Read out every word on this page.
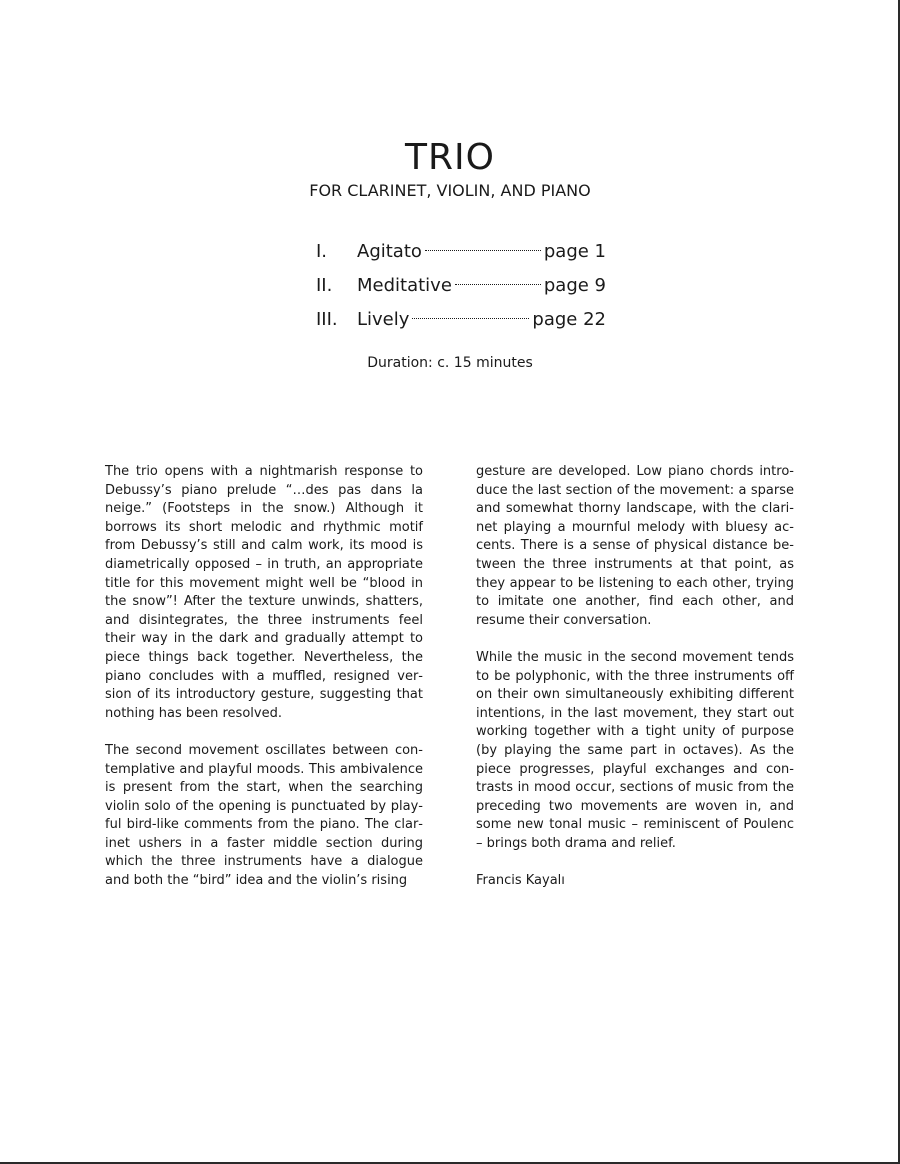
TRIO
FOR CLARINET, VIOLIN, AND PIANO
I.	Agitato	page 1
II.	Meditative	page 9
III.	Lively	page 22
Duration: c. 15 minutes

The trio opens with a nightmarish response to Debussy’s piano prelude “…des pas dans la neige.” (Footsteps in the snow.) Although it borrows its short melodic and rhythmic motif from Debussy’s still and calm work, its mood is diametrically opposed – in truth, an appropriate title for this movement might well be “blood in the snow”! After the texture unwinds, shatters, and disintegrates, the three instruments feel their way in the dark and gradually attempt to piece things back together. Nevertheless, the piano concludes with a muffled, resigned version of its introductory gesture, suggesting that nothing has been resolved.

The second movement oscillates between contemplative and playful moods. This ambivalence is present from the start, when the searching violin solo of the opening is punctuated by playful bird-like comments from the piano. The clarinet ushers in a faster middle section during which the three instruments have a dialogue and both the “bird” idea and the violin’s rising

gesture are developed. Low piano chords introduce the last section of the movement: a sparse and somewhat thorny landscape, with the clarinet playing a mournful melody with bluesy accents. There is a sense of physical distance between the three instruments at that point, as they appear to be listening to each other, trying to imitate one another, find each other, and resume their conversation.

While the music in the second movement tends to be polyphonic, with the three instruments off on their own simultaneously exhibiting different intentions, in the last movement, they start out working together with a tight unity of purpose (by playing the same part in octaves). As the piece progresses, playful exchanges and contrasts in mood occur, sections of music from the preceding two movements are woven in, and some new tonal music – reminiscent of Poulenc – brings both drama and relief.

Francis Kayalı
